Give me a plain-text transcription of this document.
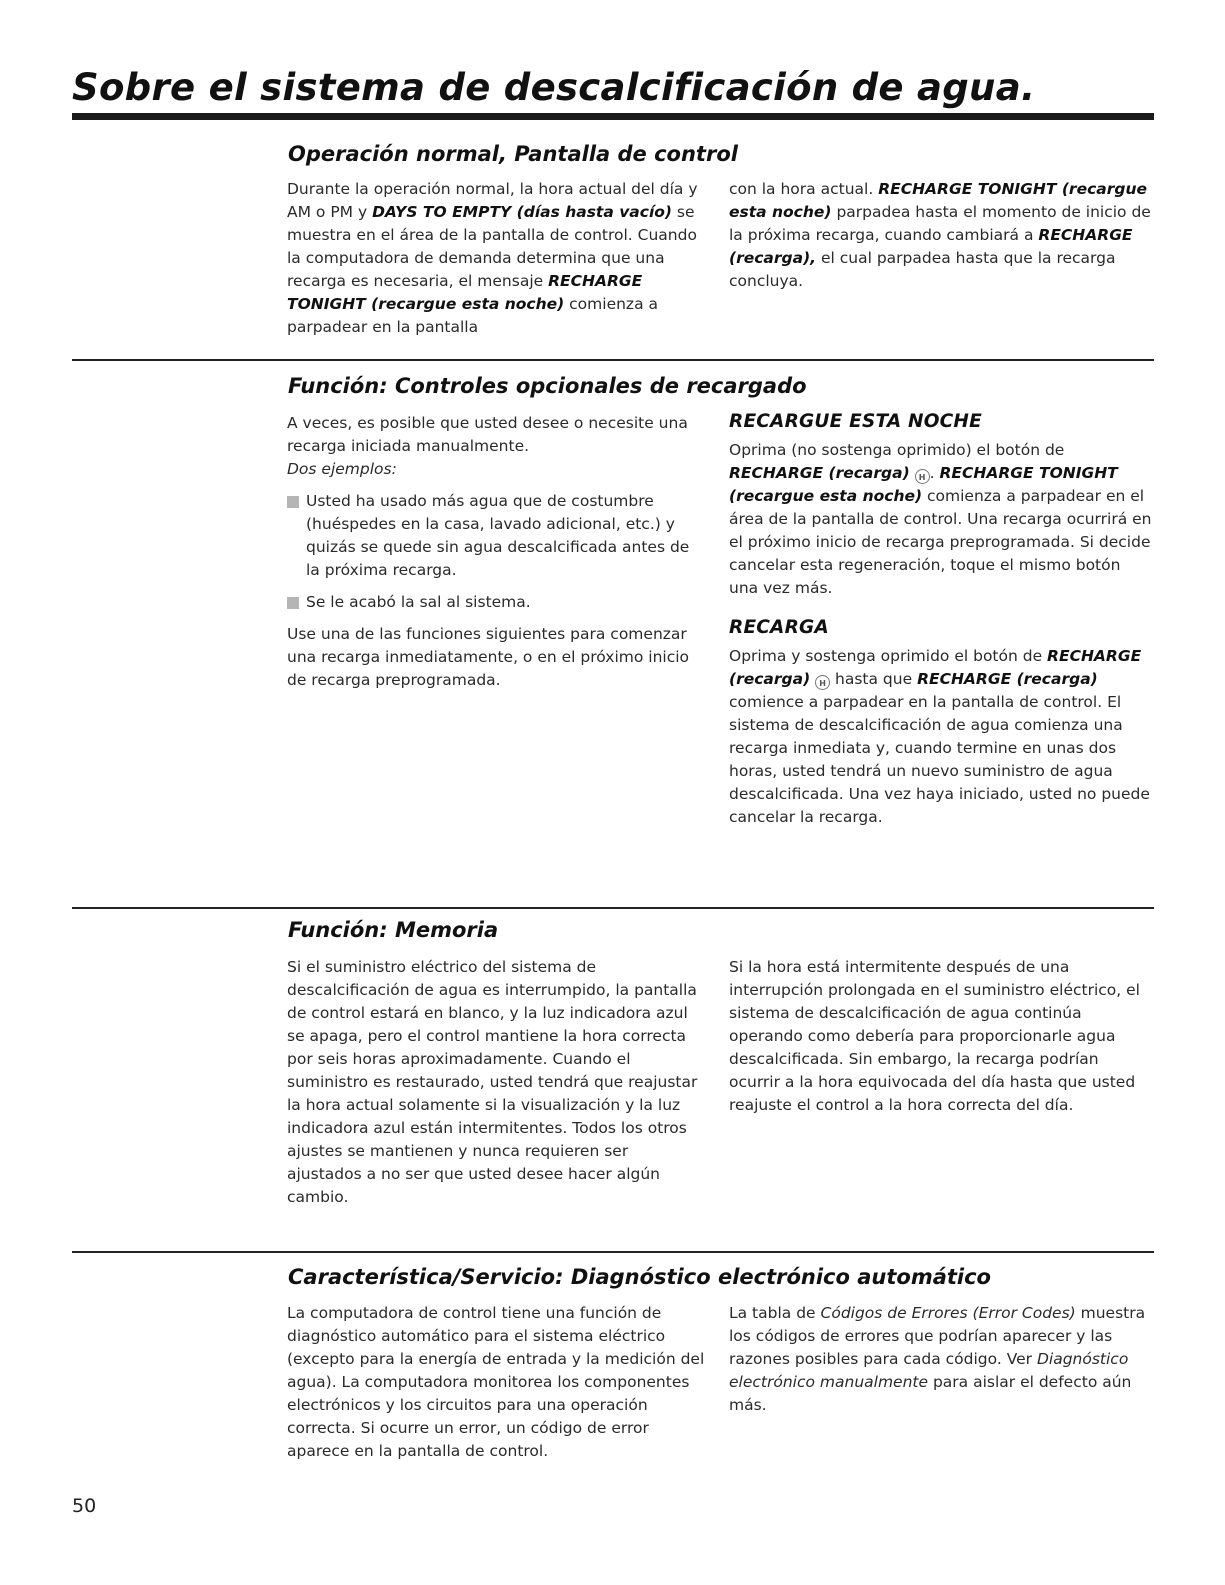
Sobre el sistema de descalcificación de agua.
Operación normal, Pantalla de control

Durante la operación normal, la hora actual del día y AM o PM y DAYS TO EMPTY (días hasta vacío) se muestra en el área de la pantalla de control. Cuando la computadora de demanda determina que una recarga es necesaria, el mensaje RECHARGE TONIGHT (recargue esta noche) comienza a parpadear en la pantalla

con la hora actual. RECHARGE TONIGHT (recargue esta noche) parpadea hasta el momento de inicio de la próxima recarga, cuando cambiará a RECHARGE (recarga), el cual parpadea hasta que la recarga concluya.

Función: Controles opcionales de recargado

A veces, es posible que usted desee o necesite una recarga iniciada manualmente.

Dos ejemplos:

Usted ha usado más agua que de costumbre (huéspedes en la casa, lavado adicional, etc.) y quizás se quede sin agua descalcificada antes de la próxima recarga.
Se le acabó la sal al sistema.

Use una de las funciones siguientes para comenzar una recarga inmediatamente, o en el próximo inicio de recarga preprogramada.

RECARGUE ESTA NOCHE

Oprima (no sostenga oprimido) el botón de RECHARGE (recarga) H . RECHARGE TONIGHT (recargue esta noche) comienza a parpadear en el área de la pantalla de control. Una recarga ocurrirá en el próximo inicio de recarga preprogramada. Si decide cancelar esta regeneración, toque el mismo botón una vez más.

RECARGA

Oprima y sostenga oprimido el botón de RECHARGE (recarga) H hasta que RECHARGE (recarga) comience a parpadear en la pantalla de control. El sistema de descalcificación de agua comienza una recarga inmediata y, cuando termine en unas dos horas, usted tendrá un nuevo suministro de agua descalcificada. Una vez haya iniciado, usted no puede cancelar la recarga.

Función: Memoria

Si el suministro eléctrico del sistema de descalcificación de agua es interrumpido, la pantalla de control estará en blanco, y la luz indicadora azul se apaga, pero el control mantiene la hora correcta por seis horas aproximadamente. Cuando el suministro es restaurado, usted tendrá que reajustar la hora actual solamente si la visualización y la luz indicadora azul están intermitentes. Todos los otros ajustes se mantienen y nunca requieren ser ajustados a no ser que usted desee hacer algún cambio.

Si la hora está intermitente después de una interrupción prolongada en el suministro eléctrico, el sistema de descalcificación de agua continúa operando como debería para proporcionarle agua descalcificada. Sin embargo, la recarga podrían ocurrir a la hora equivocada del día hasta que usted reajuste el control a la hora correcta del día.

Característica/Servicio: Diagnóstico electrónico automático

La computadora de control tiene una función de diagnóstico automático para el sistema eléctrico (excepto para la energía de entrada y la medición del agua). La computadora monitorea los componentes electrónicos y los circuitos para una operación correcta. Si ocurre un error, un código de error aparece en la pantalla de control.

La tabla de Códigos de Errores (Error Codes) muestra los códigos de errores que podrían aparecer y las razones posibles para cada código. Ver Diagnóstico electrónico manualmente para aislar el defecto aún más.

50
